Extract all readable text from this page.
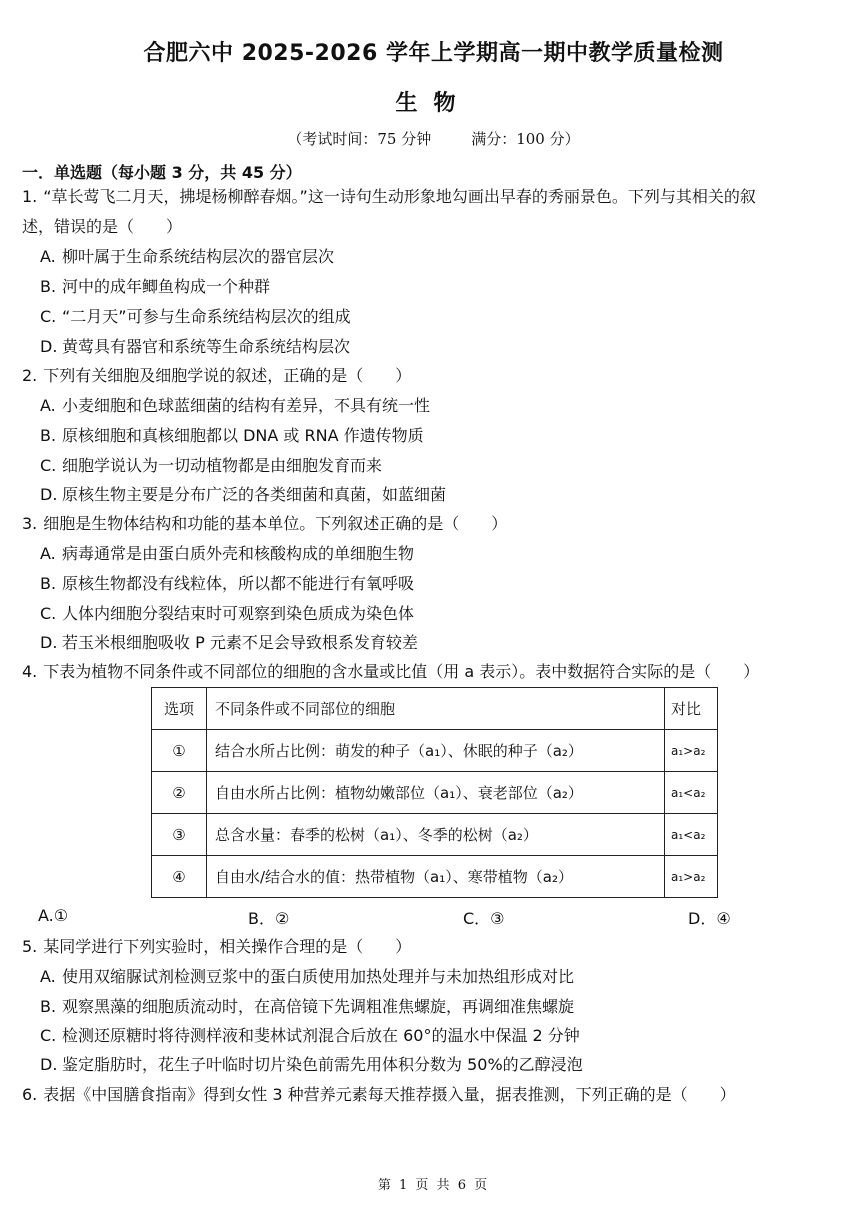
合肥六中 2025-2026 学年上学期高一期中教学质量检测
生物
（考试时间：75 分钟	满分：100 分）
一．单选题（每小题 3 分，共 45 分）
1. “草长莺飞二月天，拂堤杨柳醉春烟。”这一诗句生动形象地勾画出早春的秀丽景色。下列与其相关的叙
述，错误的是（　　）
A. 柳叶属于生命系统结构层次的器官层次
B. 河中的成年鲫鱼构成一个种群
C. “二月天”可参与生命系统结构层次的组成
D. 黄莺具有器官和系统等生命系统结构层次
2. 下列有关细胞及细胞学说的叙述，正确的是（　　）
A. 小麦细胞和色球蓝细菌的结构有差异，不具有统一性
B. 原核细胞和真核细胞都以 DNA 或 RNA 作遗传物质
C. 细胞学说认为一切动植物都是由细胞发育而来
D. 原核生物主要是分布广泛的各类细菌和真菌，如蓝细菌
3. 细胞是生物体结构和功能的基本单位。下列叙述正确的是（　　）
A. 病毒通常是由蛋白质外壳和核酸构成的单细胞生物
B. 原核生物都没有线粒体，所以都不能进行有氧呼吸
C. 人体内细胞分裂结束时可观察到染色质成为染色体
D. 若玉米根细胞吸收 P 元素不足会导致根系发育较差
4. 下表为植物不同条件或不同部位的细胞的含水量或比值（用 a 表示）。表中数据符合实际的是（　　）
选项	不同条件或不同部位的细胞	对比
①	结合水所占比例：萌发的种子（a₁）、休眠的种子（a₂）	a₁>a₂
②	自由水所占比例：植物幼嫩部位（a₁）、衰老部位（a₂）	a₁<a₂
③	总含水量：春季的松树（a₁）、冬季的松树（a₂）	a₁<a₂
④	自由水/结合水的值：热带植物（a₁）、寒带植物（a₂）	a₁>a₂
A.①	B．②	C．③	D．④
5. 某同学进行下列实验时，相关操作合理的是（　　）
A. 使用双缩脲试剂检测豆浆中的蛋白质使用加热处理并与未加热组形成对比
B. 观察黑藻的细胞质流动时，在高倍镜下先调粗准焦螺旋，再调细准焦螺旋
C. 检测还原糖时将待测样液和斐林试剂混合后放在 60°的温水中保温 2 分钟
D. 鉴定脂肪时，花生子叶临时切片染色前需先用体积分数为 50%的乙醇浸泡
6. 表据《中国膳食指南》得到女性 3 种营养元素每天推荐摄入量，据表推测，下列正确的是（　　）
第 1 页 共 6 页
